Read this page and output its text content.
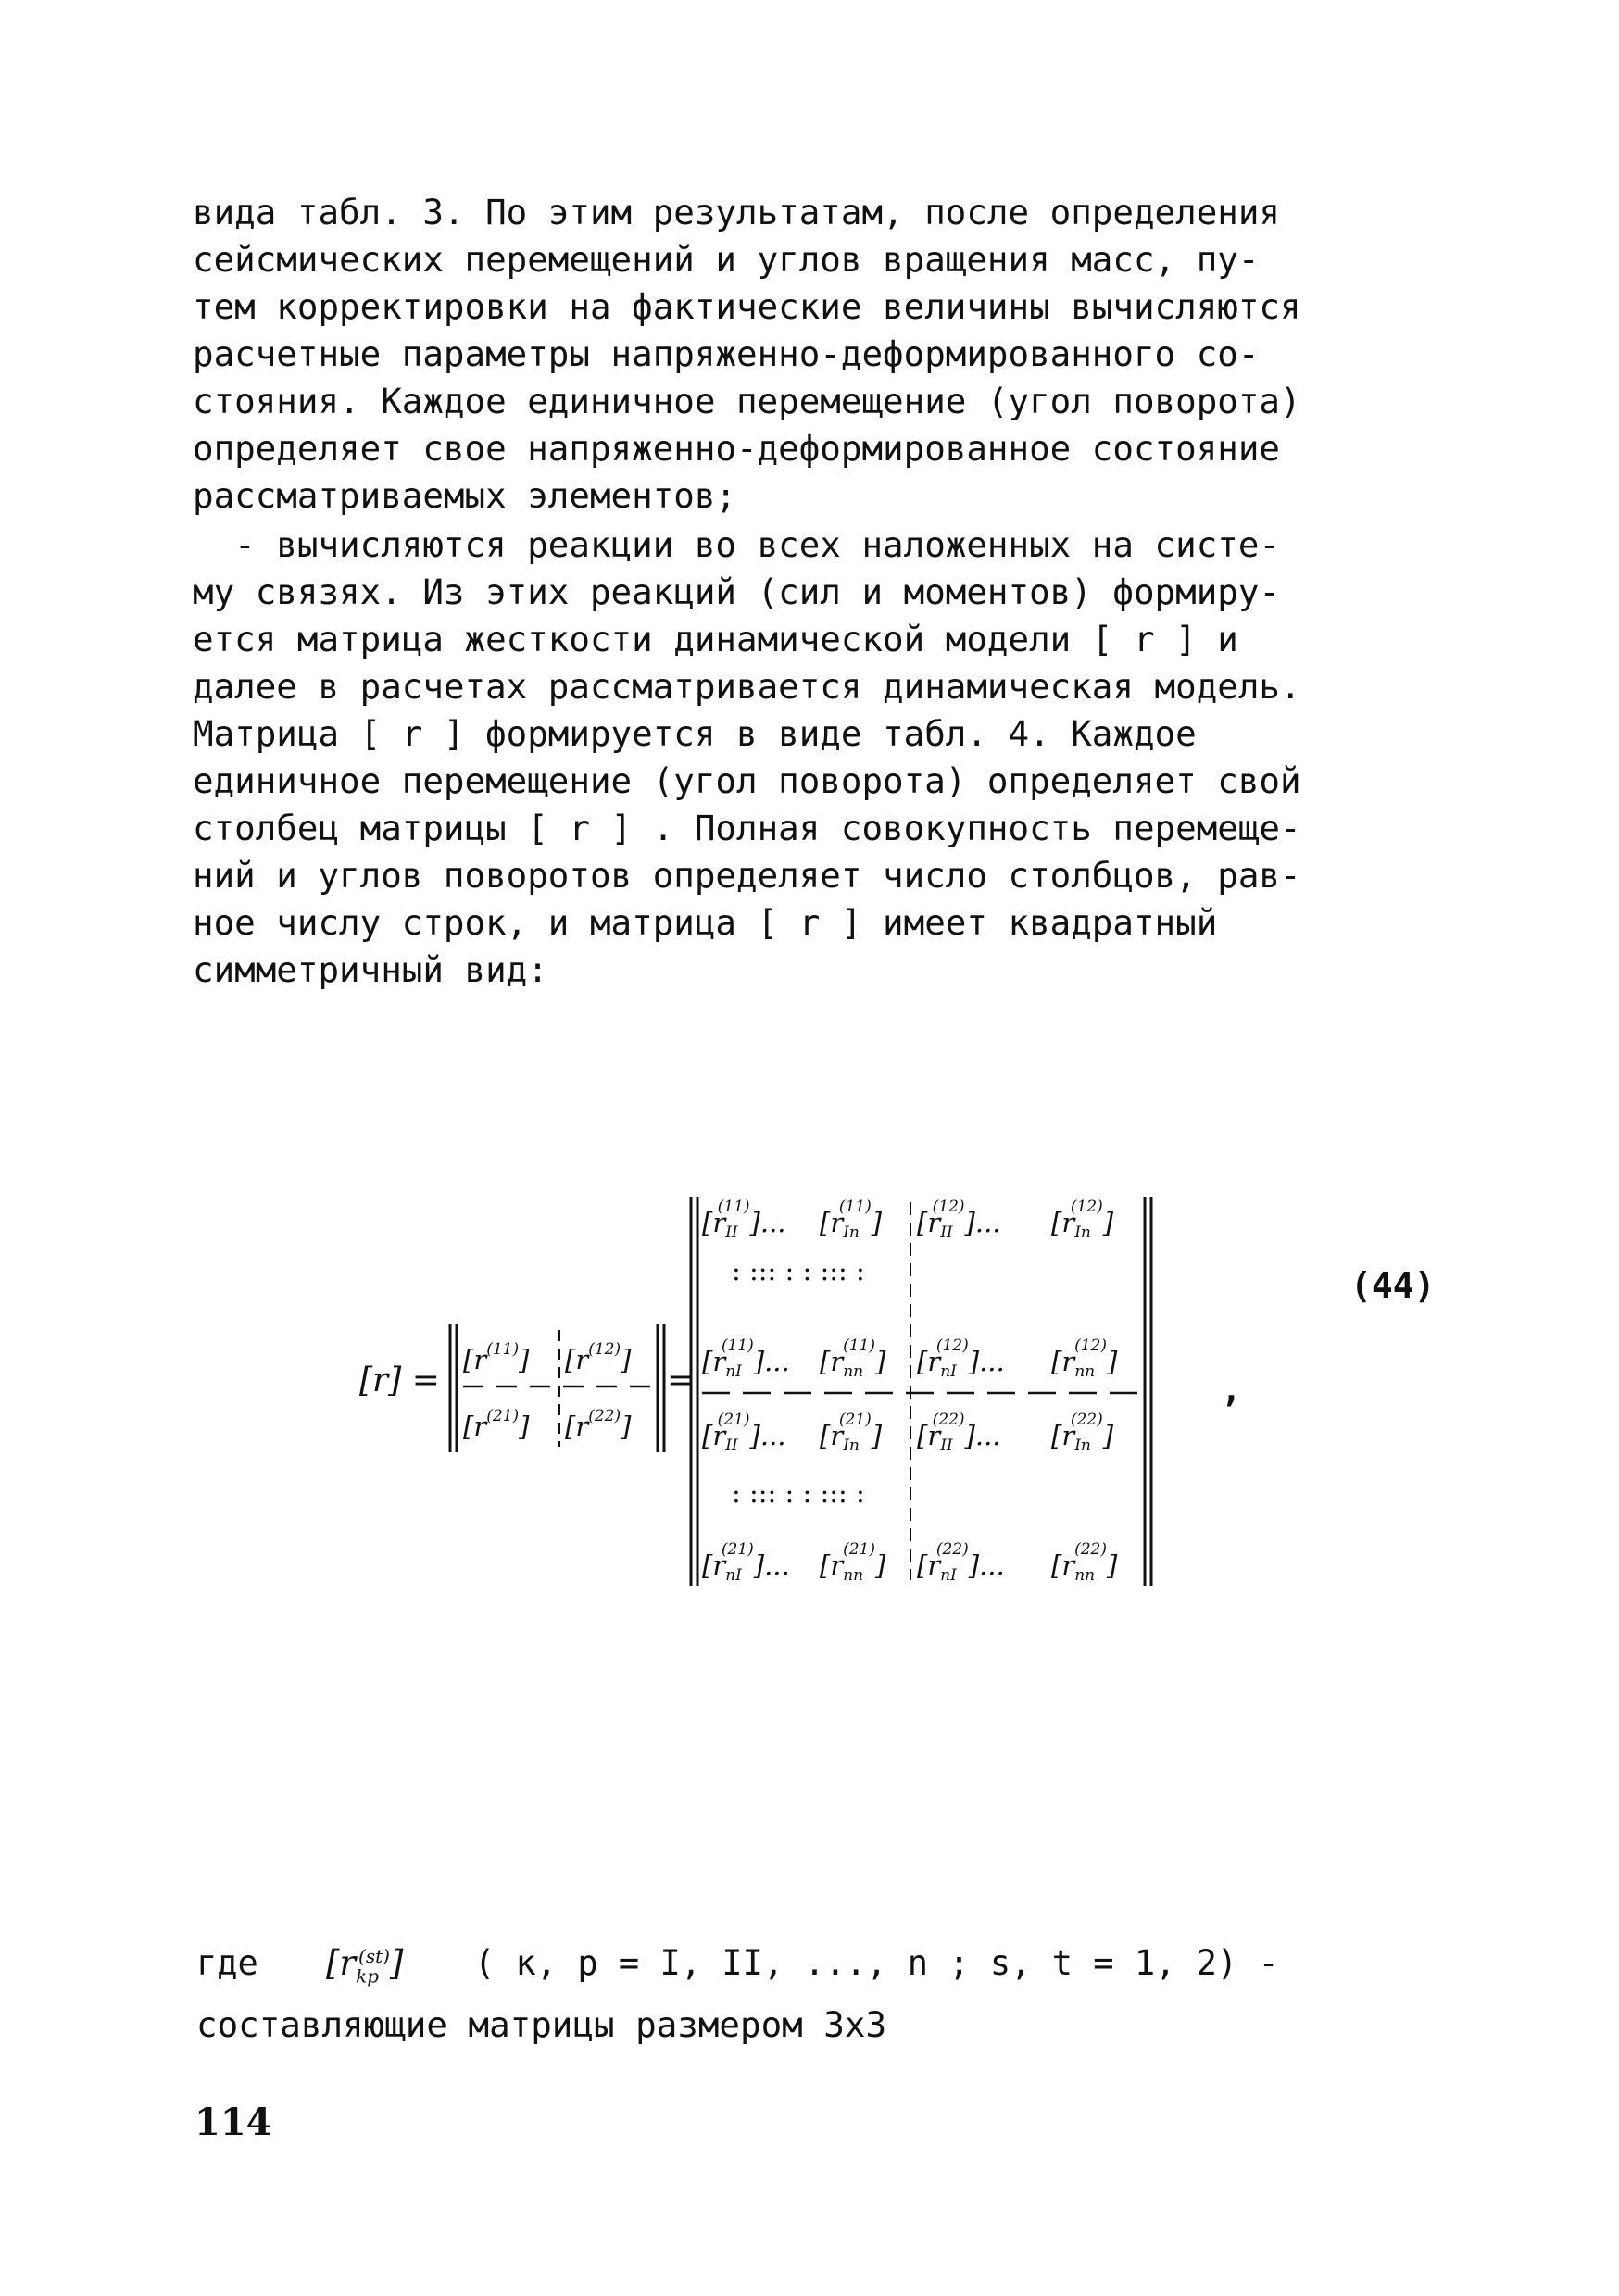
вида табл. 3. По этим результатам, после определения
сейсмических перемещений и углов вращения масс, пу-
тем корректировки на фактические величины вычисляются
расчетные параметры напряженно-деформированного со-
стояния. Каждое единичное перемещение (угол поворота)
определяет свое напряженно-деформированное состояние
рассматриваемых элементов;
- вычисляются реакции во всех наложенных на систе-
му связях. Из этих реакций (сил и моментов) формиру-
ется матрица жесткости динамической модели [ r ] и
далее в расчетах рассматривается динамическая модель.
Матрица [ r ] формируется в виде табл. 4. Каждое
единичное перемещение (угол поворота) определяет свой
столбец матрицы [ r ] . Полная совокупность перемеще-
ний и углов поворотов определяет число столбцов, рав-
ное числу строк, и матрица [ r ] имеет квадратный
симметричный вид:
[r] =
[r(11)] [r(12)]
[r(21)] [r(22)]
=
[rII(11)]... [rIn(11)] [rII(12)]... [rIn(12)]
: ::: : : ::: :
[rnI(11)]... [rnn(11)] [rnI(12)]... [rnn(12)]
[rII(21)]... [rIn(21)] [rII(22)]... [rIn(22)]
: ::: : : ::: :
[rnI(21)]... [rnn(21)] [rnI(22)]... [rnn(22)]
,
(44)

где

$[r_{kp}^{(st)}]$

( к, р = I, II, ..., n ; s, t = 1, 2) -

составляющие матрицы размером 3х3
114
